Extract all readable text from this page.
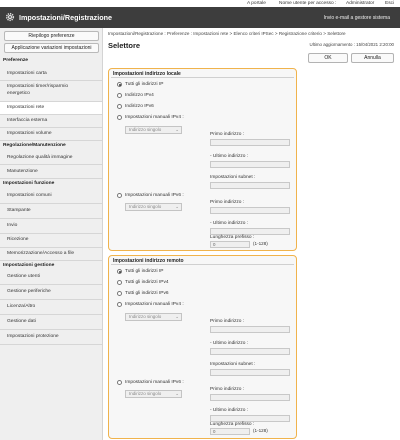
A portale	Nome utente per accesso : Administrator Esci
Impostazioni/Registrazione	Invio e-mail a gestore sistema
Riepilogo preferenze
Applicazione variazioni impostazioni
Preferenze
Impostazioni carta
Impostazioni timer/risparmio energetico
Impostazioni rete
Interfaccia esterna
Impostazioni volume
Regolazione/Manutenzione
Regolazione qualità immagine
Manutenzione
Impostazioni funzione
Impostazioni comuni
Stampante
Invio
Ricezione
Memorizzazione/Accesso a file
Impostazioni gestione
Gestione utenti
Gestione periferiche
Licenza/Altro
Gestione dati
Impostazioni protezione
Impostazioni/Registrazione : Preferenze : Impostazioni rete > Elenco criteri IPSec > Registrazione criterio > Selettore
Selettore	Ultimo aggiornamento : 15/04/2021 2:20:00
OK	Annulla
Impostazioni indirizzo locale
Tutti gli indirizzi IP
Indirizzo IPv4
Indirizzo IPv6
Impostazioni manuali IPv4 :
Indirizzo singolo	⌄
Primo indirizzo :
- Ultimo indirizzo :
Impostazioni subnet :
Impostazioni manuali IPv6 :
Indirizzo singolo	⌄
Primo indirizzo :
- Ultimo indirizzo :
Lunghezza prefisso :
0	(1-128)
Impostazioni indirizzo remoto
Tutti gli indirizzi IP
Tutti gli indirizzi IPv4
Tutti gli indirizzi IPv6
Impostazioni manuali IPv4 :
Indirizzo singolo	⌄
Primo indirizzo :
- Ultimo indirizzo :
Impostazioni subnet :
Impostazioni manuali IPv6 :
Indirizzo singolo	⌄
Primo indirizzo :
- Ultimo indirizzo :
Lunghezza prefisso :
0	(1-128)
